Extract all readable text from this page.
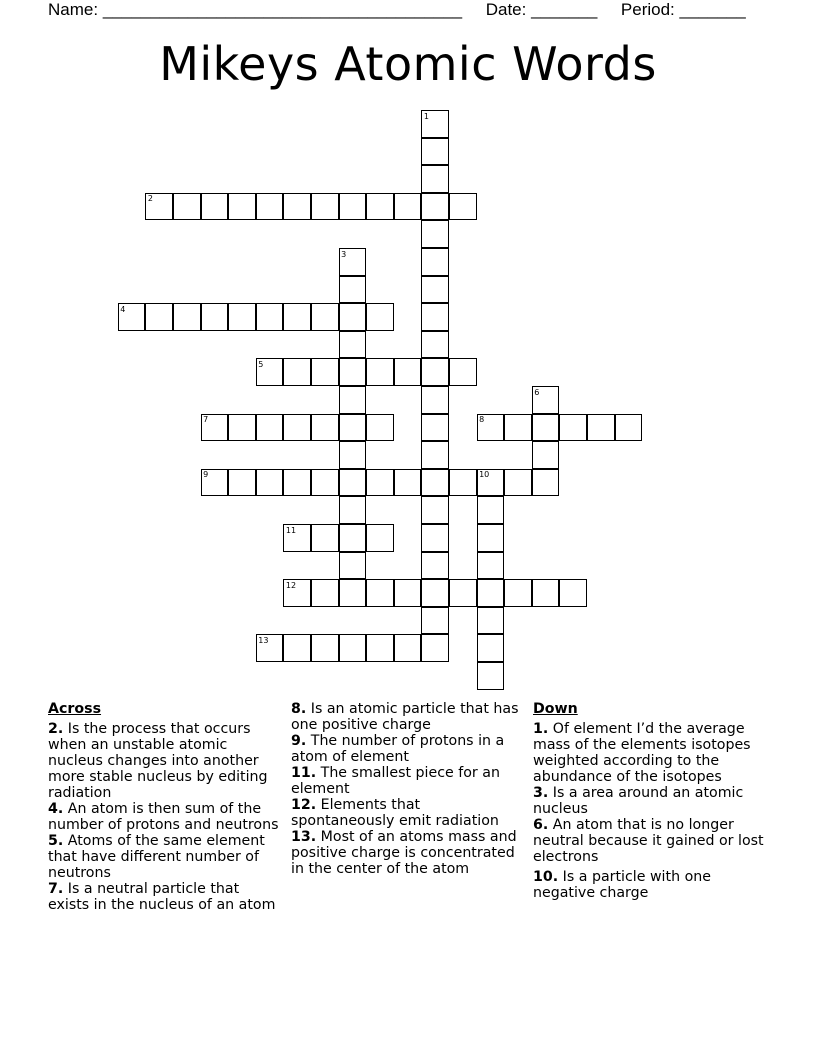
Name: ______________________________________ Date: _______ Period: _______
Mikeys Atomic Words
1
2
3
4
5
6
7	8
9	10
11
12
13
Across
2. Is the process that occurs when an unstable atomic nucleus changes into another more stable nucleus by editing radiation
4. An atom is then sum of the number of protons and neutrons
5. Atoms of the same element that have different number of neutrons
7. Is a neutral particle that exists in the nucleus of an atom
8. Is an atomic particle that has one positive charge
9. The number of protons in a atom of element
11. The smallest piece for an element
12. Elements that spontaneously emit radiation
13. Most of an atoms mass and positive charge is concentrated in the center of the atom
Down
1. Of element I’d the average mass of the elements isotopes weighted according to the abundance of the isotopes
3. Is a area around an atomic nucleus
6. An atom that is no longer neutral because it gained or lost electrons
10. Is a particle with one negative charge
